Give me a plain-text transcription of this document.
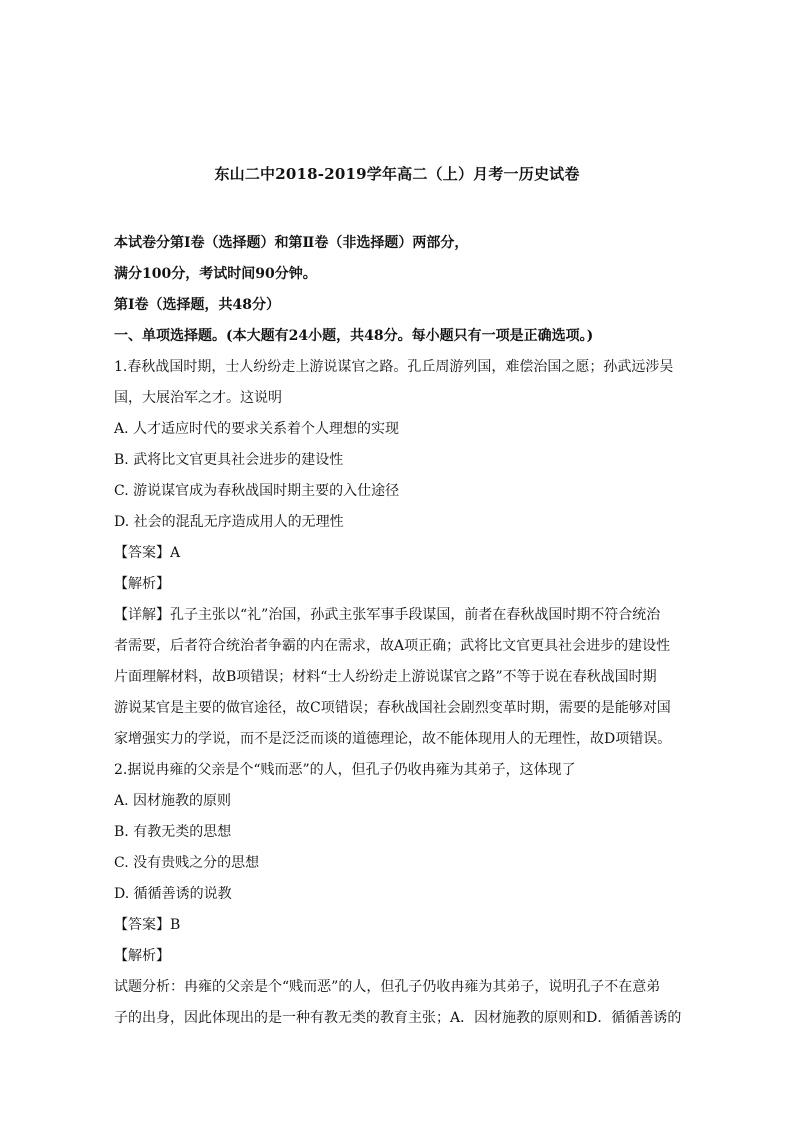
东山二中2018-2019学年高二（上）月考一历史试卷
本试卷分第Ⅰ卷（选择题）和第Ⅱ卷（非选择题）两部分，
满分100分，考试时间90分钟。
第Ⅰ卷（选择题，共48分）
一、单项选择题。(本大题有24小题，共48分。每小题只有一项是正确选项。)
1.春秋战国时期，士人纷纷走上游说谋官之路。孔丘周游列国，难偿治国之愿；孙武远涉吴
国，大展治军之才。这说明
A. 人才适应时代的要求关系着个人理想的实现
B. 武将比文官更具社会进步的建设性
C. 游说谋官成为春秋战国时期主要的入仕途径
D. 社会的混乱无序造成用人的无理性
【答案】A
【解析】
【详解】孔子主张以“礼”治国，孙武主张军事手段谋国，前者在春秋战国时期不符合统治
者需要，后者符合统治者争霸的内在需求，故A项正确；武将比文官更具社会进步的建设性
片面理解材料，故B项错误；材料“士人纷纷走上游说谋官之路”不等于说在春秋战国时期
游说某官是主要的做官途径，故C项错误；春秋战国社会剧烈变革时期，需要的是能够对国
家增强实力的学说，而不是泛泛而谈的道德理论，故不能体现用人的无理性，故D项错误。
2.据说冉雍的父亲是个“贱而恶”的人，但孔子仍收冉雍为其弟子，这体现了
A. 因材施教的原则
B. 有教无类的思想
C. 没有贵贱之分的思想
D. 循循善诱的说教
【答案】B
【解析】
试题分析：冉雍的父亲是个“贱而恶”的人，但孔子仍收冉雍为其弟子，说明孔子不在意弟
子的出身，因此体现出的是一种有教无类的教育主张；A．因材施教的原则和D．循循善诱的
